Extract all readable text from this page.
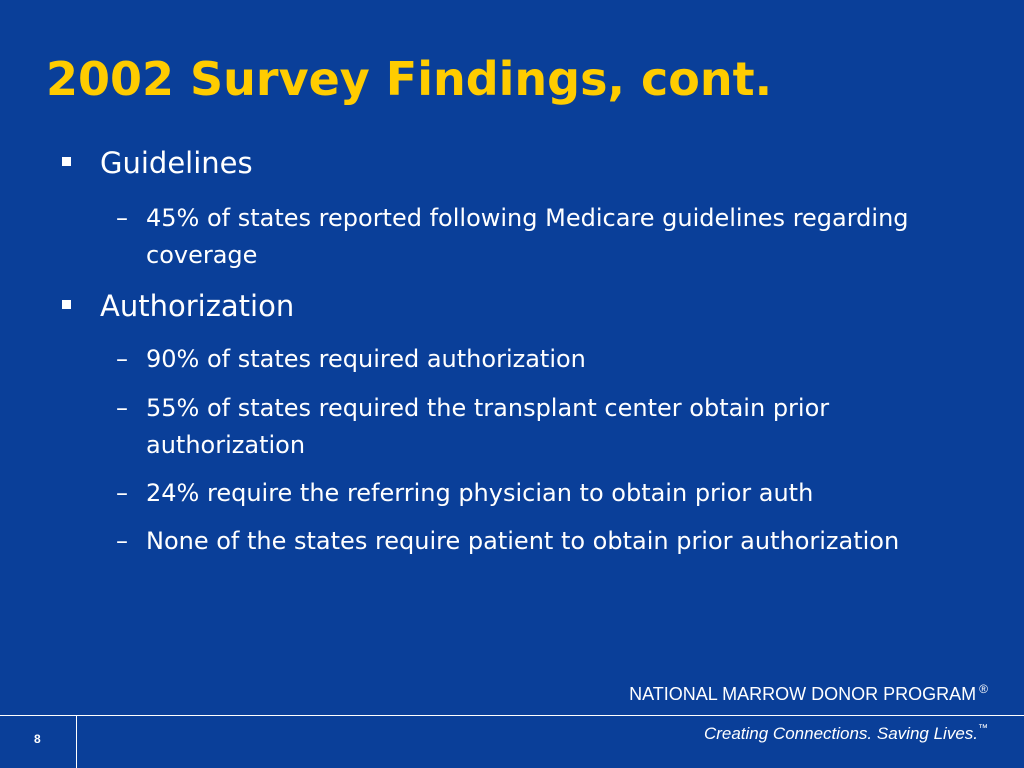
2002 Survey Findings, cont.
Guidelines
– 45% of states reported following Medicare guidelines regarding coverage
Authorization
– 90% of states required authorization
– 55% of states required the transplant center obtain prior authorization
– 24% require the referring physician to obtain prior auth
– None of the states require patient to obtain prior authorization
NATIONAL MARROW DONOR PROGRAM ®
8	Creating Connections. Saving Lives.™
